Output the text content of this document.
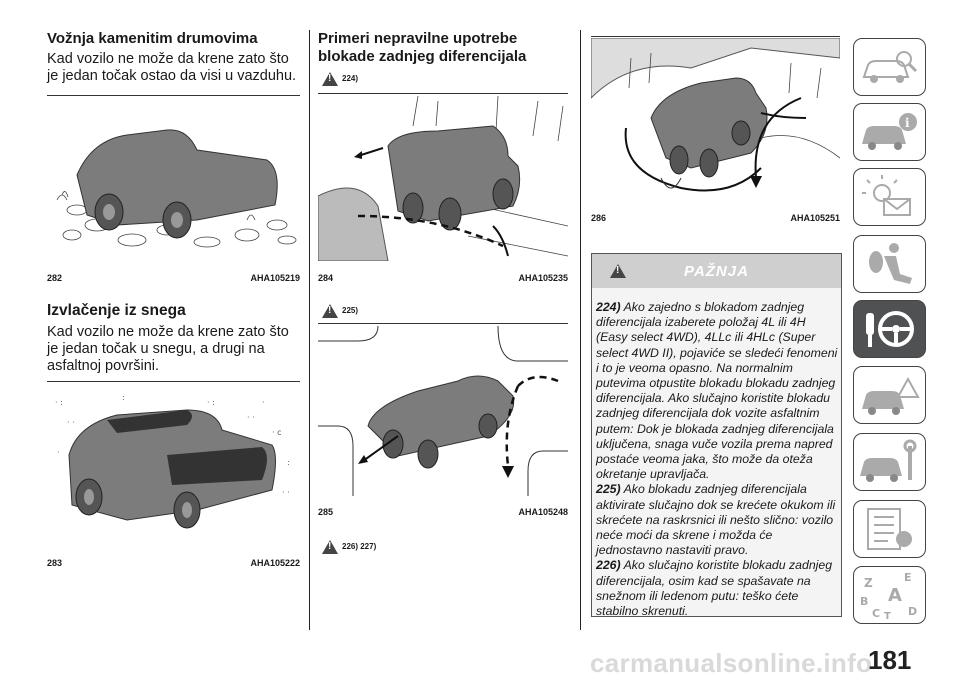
Vožnja kamenitim drumovima
Kad vozilo ne može da krene zato što je jedan točak ostao da visi u vazduhu.
282	AHA105219
Izvlačenje iz snega
Kad vozilo ne može da krene zato što je jedan točak u snegu, a drugi na asfaltnoj površini.
· :
· ·
:
· :
· ·
· c
:
·
· ·
·
283	AHA105222
Primeri nepravilne upotrebe blokade zadnjeg diferencijala
!224)
284	AHA105235
!225)
285	AHA105248
!226) 227)
286	AHA105251
!
PAŽNJA
224) Ako zajedno s blokadom zadnjeg diferencijala izaberete položaj 4L ili 4H (Easy select 4WD), 4LLc ili 4HLc (Super select 4WD II), pojaviće se sledeći fenomeni i to je veoma opasno. Na normalnim putevima otpustite blokadu blokadu zadnjeg diferencijala. Ako slučajno koristite blokadu zadnjeg diferencijala dok vozite asfaltnim putem: Dok je blokada zadnjeg diferencijala uključena, snaga vuče vozila prema napred postaće veoma jaka, što može da oteža okretanje upravljača.
225) Ako blokadu zadnjeg diferencijala aktivirate slučajno dok se krećete okukom ili skrećete na raskrsnici ili nešto slično: vozilo neće moći da skrene i možda će jednostavno nastaviti pravo.
226) Ako slučajno koristite blokadu zadnjeg diferencijala, osim kad se spašavate na snežnom ili ledenom putu: teško ćete stabilno skrenuti.
i
Z	E
B A
C T D
carmanualsonline.info
181
